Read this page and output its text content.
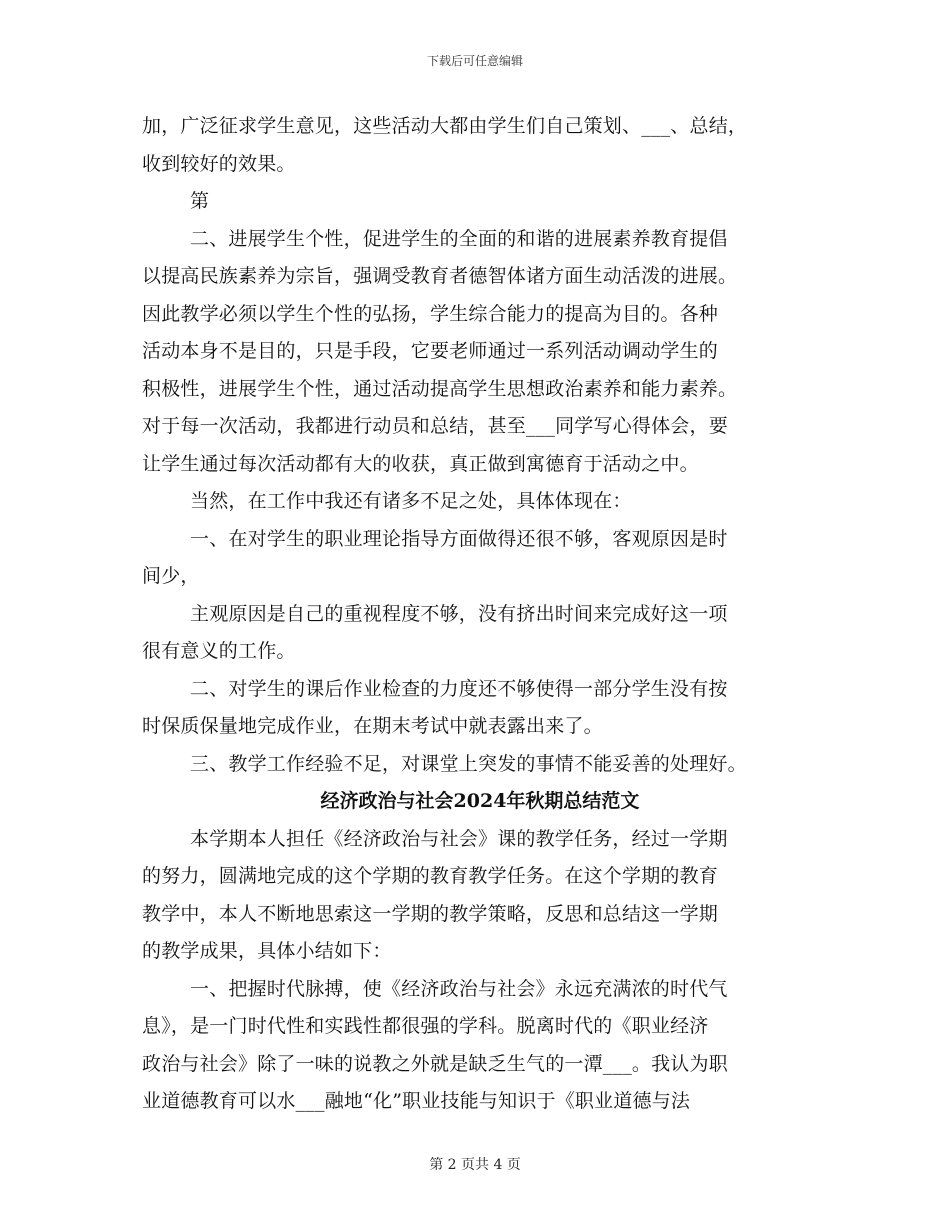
下载后可任意编辑
加，广泛征求学生意见，这些活动大都由学生们自己策划、___、总结，
收到较好的效果。
第
二、进展学生个性，促进学生的全面的和谐的进展素养教育提倡
以提高民族素养为宗旨，强调受教育者德智体诸方面生动活泼的进展。
因此教学必须以学生个性的弘扬，学生综合能力的提高为目的。各种
活动本身不是目的，只是手段，它要老师通过一系列活动调动学生的
积极性，进展学生个性，通过活动提高学生思想政治素养和能力素养。
对于每一次活动，我都进行动员和总结，甚至___同学写心得体会，要
让学生通过每次活动都有大的收获，真正做到寓德育于活动之中。
当然，在工作中我还有诸多不足之处，具体体现在：
一、在对学生的职业理论指导方面做得还很不够，客观原因是时
间少，
主观原因是自己的重视程度不够，没有挤出时间来完成好这一项
很有意义的工作。
二、对学生的课后作业检查的力度还不够使得一部分学生没有按
时保质保量地完成作业，在期末考试中就表露出来了。
三、教学工作经验不足，对课堂上突发的事情不能妥善的处理好。
经济政治与社会2024年秋期总结范文
本学期本人担任《经济政治与社会》课的教学任务，经过一学期
的努力，圆满地完成的这个学期的教育教学任务。在这个学期的教育
教学中，本人不断地思索这一学期的教学策略，反思和总结这一学期
的教学成果，具体小结如下：
一、把握时代脉搏，使《经济政治与社会》永远充满浓的时代气
息》，是一门时代性和实践性都很强的学科。脱离时代的《职业经济
政治与社会》除了一味的说教之外就是缺乏生气的一潭___。我认为职
业道德教育可以水___融地“化”职业技能与知识于《职业道德与法
第 2 页共 4 页
